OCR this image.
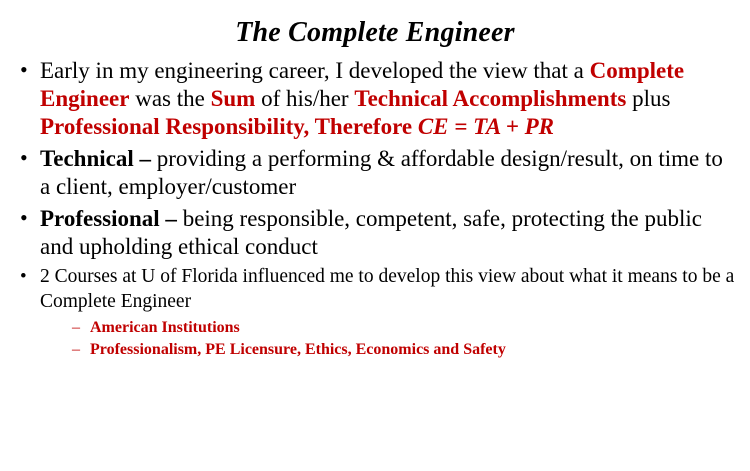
The Complete Engineer
• Early in my engineering career, I developed the view that a Complete Engineer was the Sum of his/her Technical Accomplishments plus Professional Responsibility, Therefore CE = TA + PR
• Technical – providing a performing & affordable design/result, on time to a client, employer/customer
• Professional – being responsible, competent, safe, protecting the public and upholding ethical conduct
• 2 Courses at U of Florida influenced me to develop this view about what it means to be a Complete Engineer
– American Institutions
– Professionalism, PE Licensure, Ethics, Economics and Safety
